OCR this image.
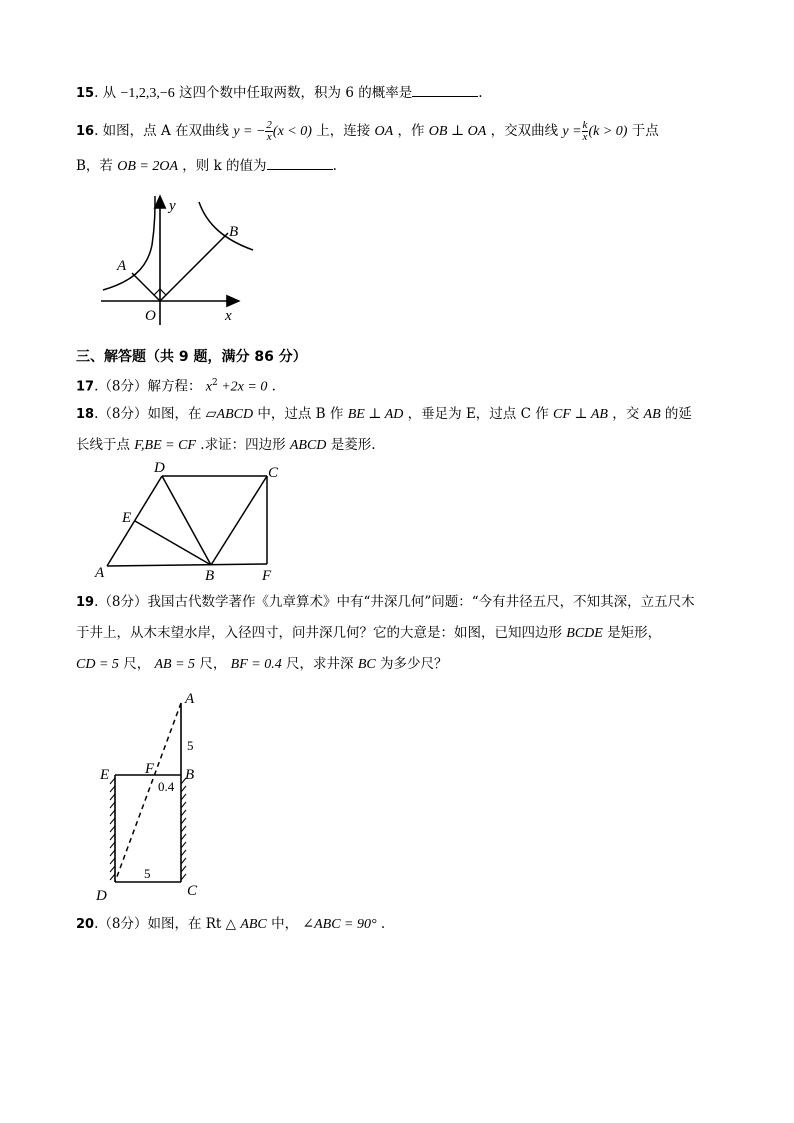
15. 从 −1,2,3,−6 这四个数中任取两数，积为 6 的概率是	.
16. 如图，点 A 在双曲线 y = − $\frac{2}{x} (x < 0)$ 上，连接 OA ，作 OB ⊥ OA ，交双曲线 $y = \frac{k}{x} (k > 0)$ 于点
B，若 OB = 2OA ，则 k 的值为	.
y
x
A
B
O
三、解答题（共 9 题，满分 86 分）
17.（8分）解方程： $x^2 +2x = 0$ .
18.（8分）如图，在 ▱ABCD 中，过点 B 作 BE ⊥ AD ，垂足为 E，过点 C 作 CF ⊥ AB ，交 AB 的延
长线于点 F,BE = CF .求证：四边形 ABCD 是菱形.
D	C
E
A	B	F
19.（8分）我国古代数学著作《九章算术》中有“井深几何”问题：“今有井径五尺，不知其深，立五尺木
于井上，从木末望水岸，入径四寸，问井深几何？它的大意是：如图，已知四边形 BCDE 是矩形，
CD = 5 尺， AB = 5 尺， BF = 0.4 尺，求井深 BC 为多少尺？
A
E F B
D	C
5
0.4
5
20.（8分）如图，在 Rt △ ABC 中， ∠ABC = 90° .
